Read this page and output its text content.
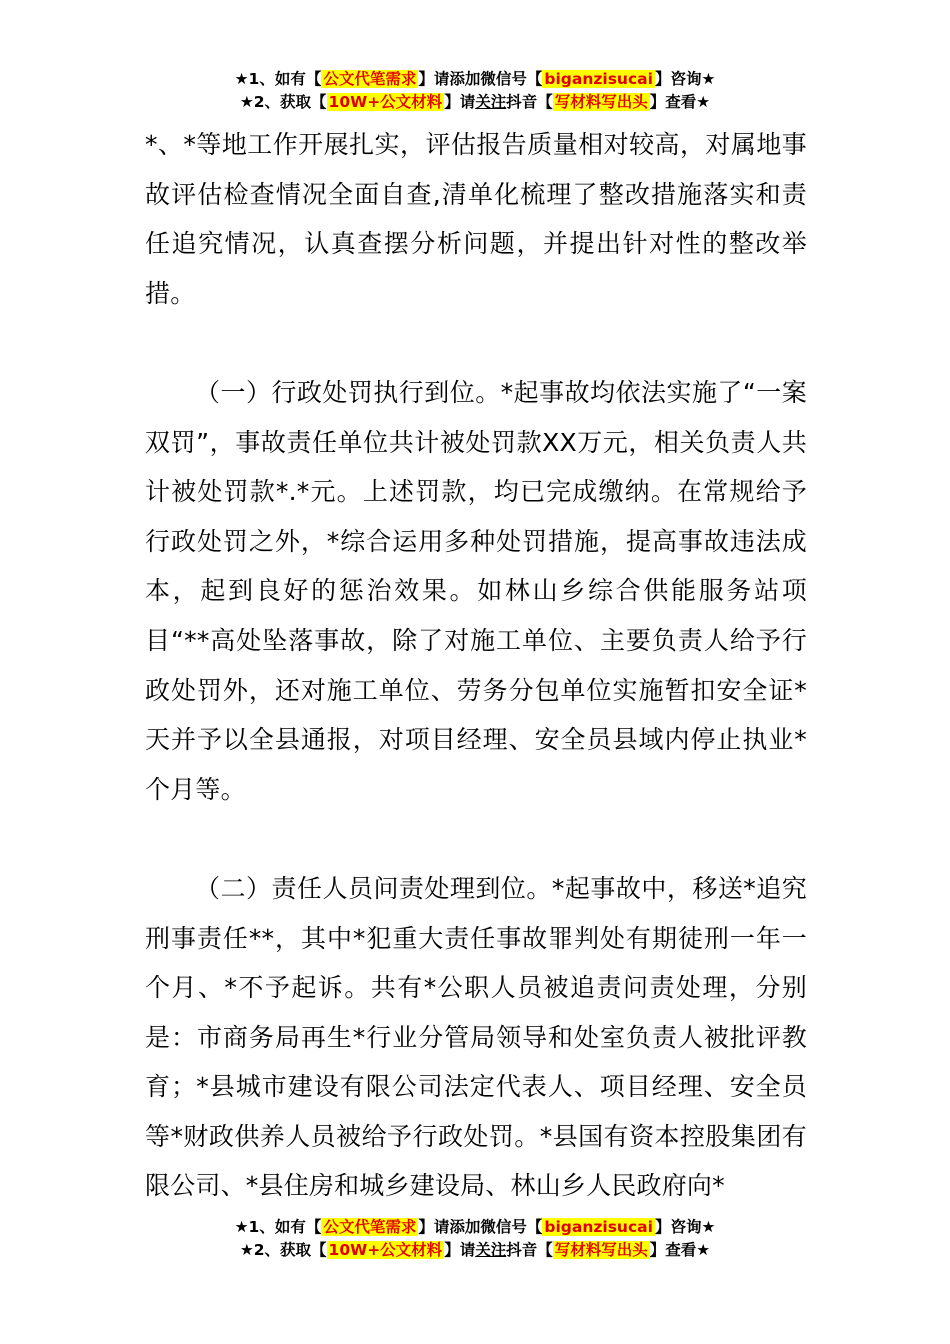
★1、如有【 公文代笔需求 】请添加微信号【 biganzisucai 】咨询★
★2、获取【 10W+公文材料 】请关注抖音【 写材料写出头 】查看★

*、*等地工作开展扎实，评估报告质量相对较高，对属地事故评估检查情况全面自查,清单化梳理了整改措施落实和责任追究情况，认真查摆分析问题，并提出针对性的整改举措。

（一）行政处罚执行到位。*起事故均依法实施了“一案双罚”，事故责任单位共计被处罚款XX万元，相关负责人共计被处罚款*.*元。上述罚款，均已完成缴纳。在常规给予行政处罚之外，*综合运用多种处罚措施，提高事故违法成本，起到良好的惩治效果。如林山乡综合供能服务站项目“**高处坠落事故，除了对施工单位、主要负责人给予行政处罚外，还对施工单位、劳务分包单位实施暂扣安全证*天并予以全县通报，对项目经理、安全员县域内停止执业*个月等。

（二）责任人员问责处理到位。*起事故中，移送*追究刑事责任**，其中*犯重大责任事故罪判处有期徒刑一年一个月、*不予起诉。共有*公职人员被追责问责处理，分别是：市商务局再生*行业分管局领导和处室负责人被批评教育；*县城市建设有限公司法定代表人、项目经理、安全员等*财政供养人员被给予行政处罚。*县国有资本控股集团有限公司、*县住房和城乡建设局、林山乡人民政府向*

★1、如有【 公文代笔需求 】请添加微信号【 biganzisucai 】咨询★
★2、获取【 10W+公文材料 】请关注抖音【 写材料写出头 】查看★
